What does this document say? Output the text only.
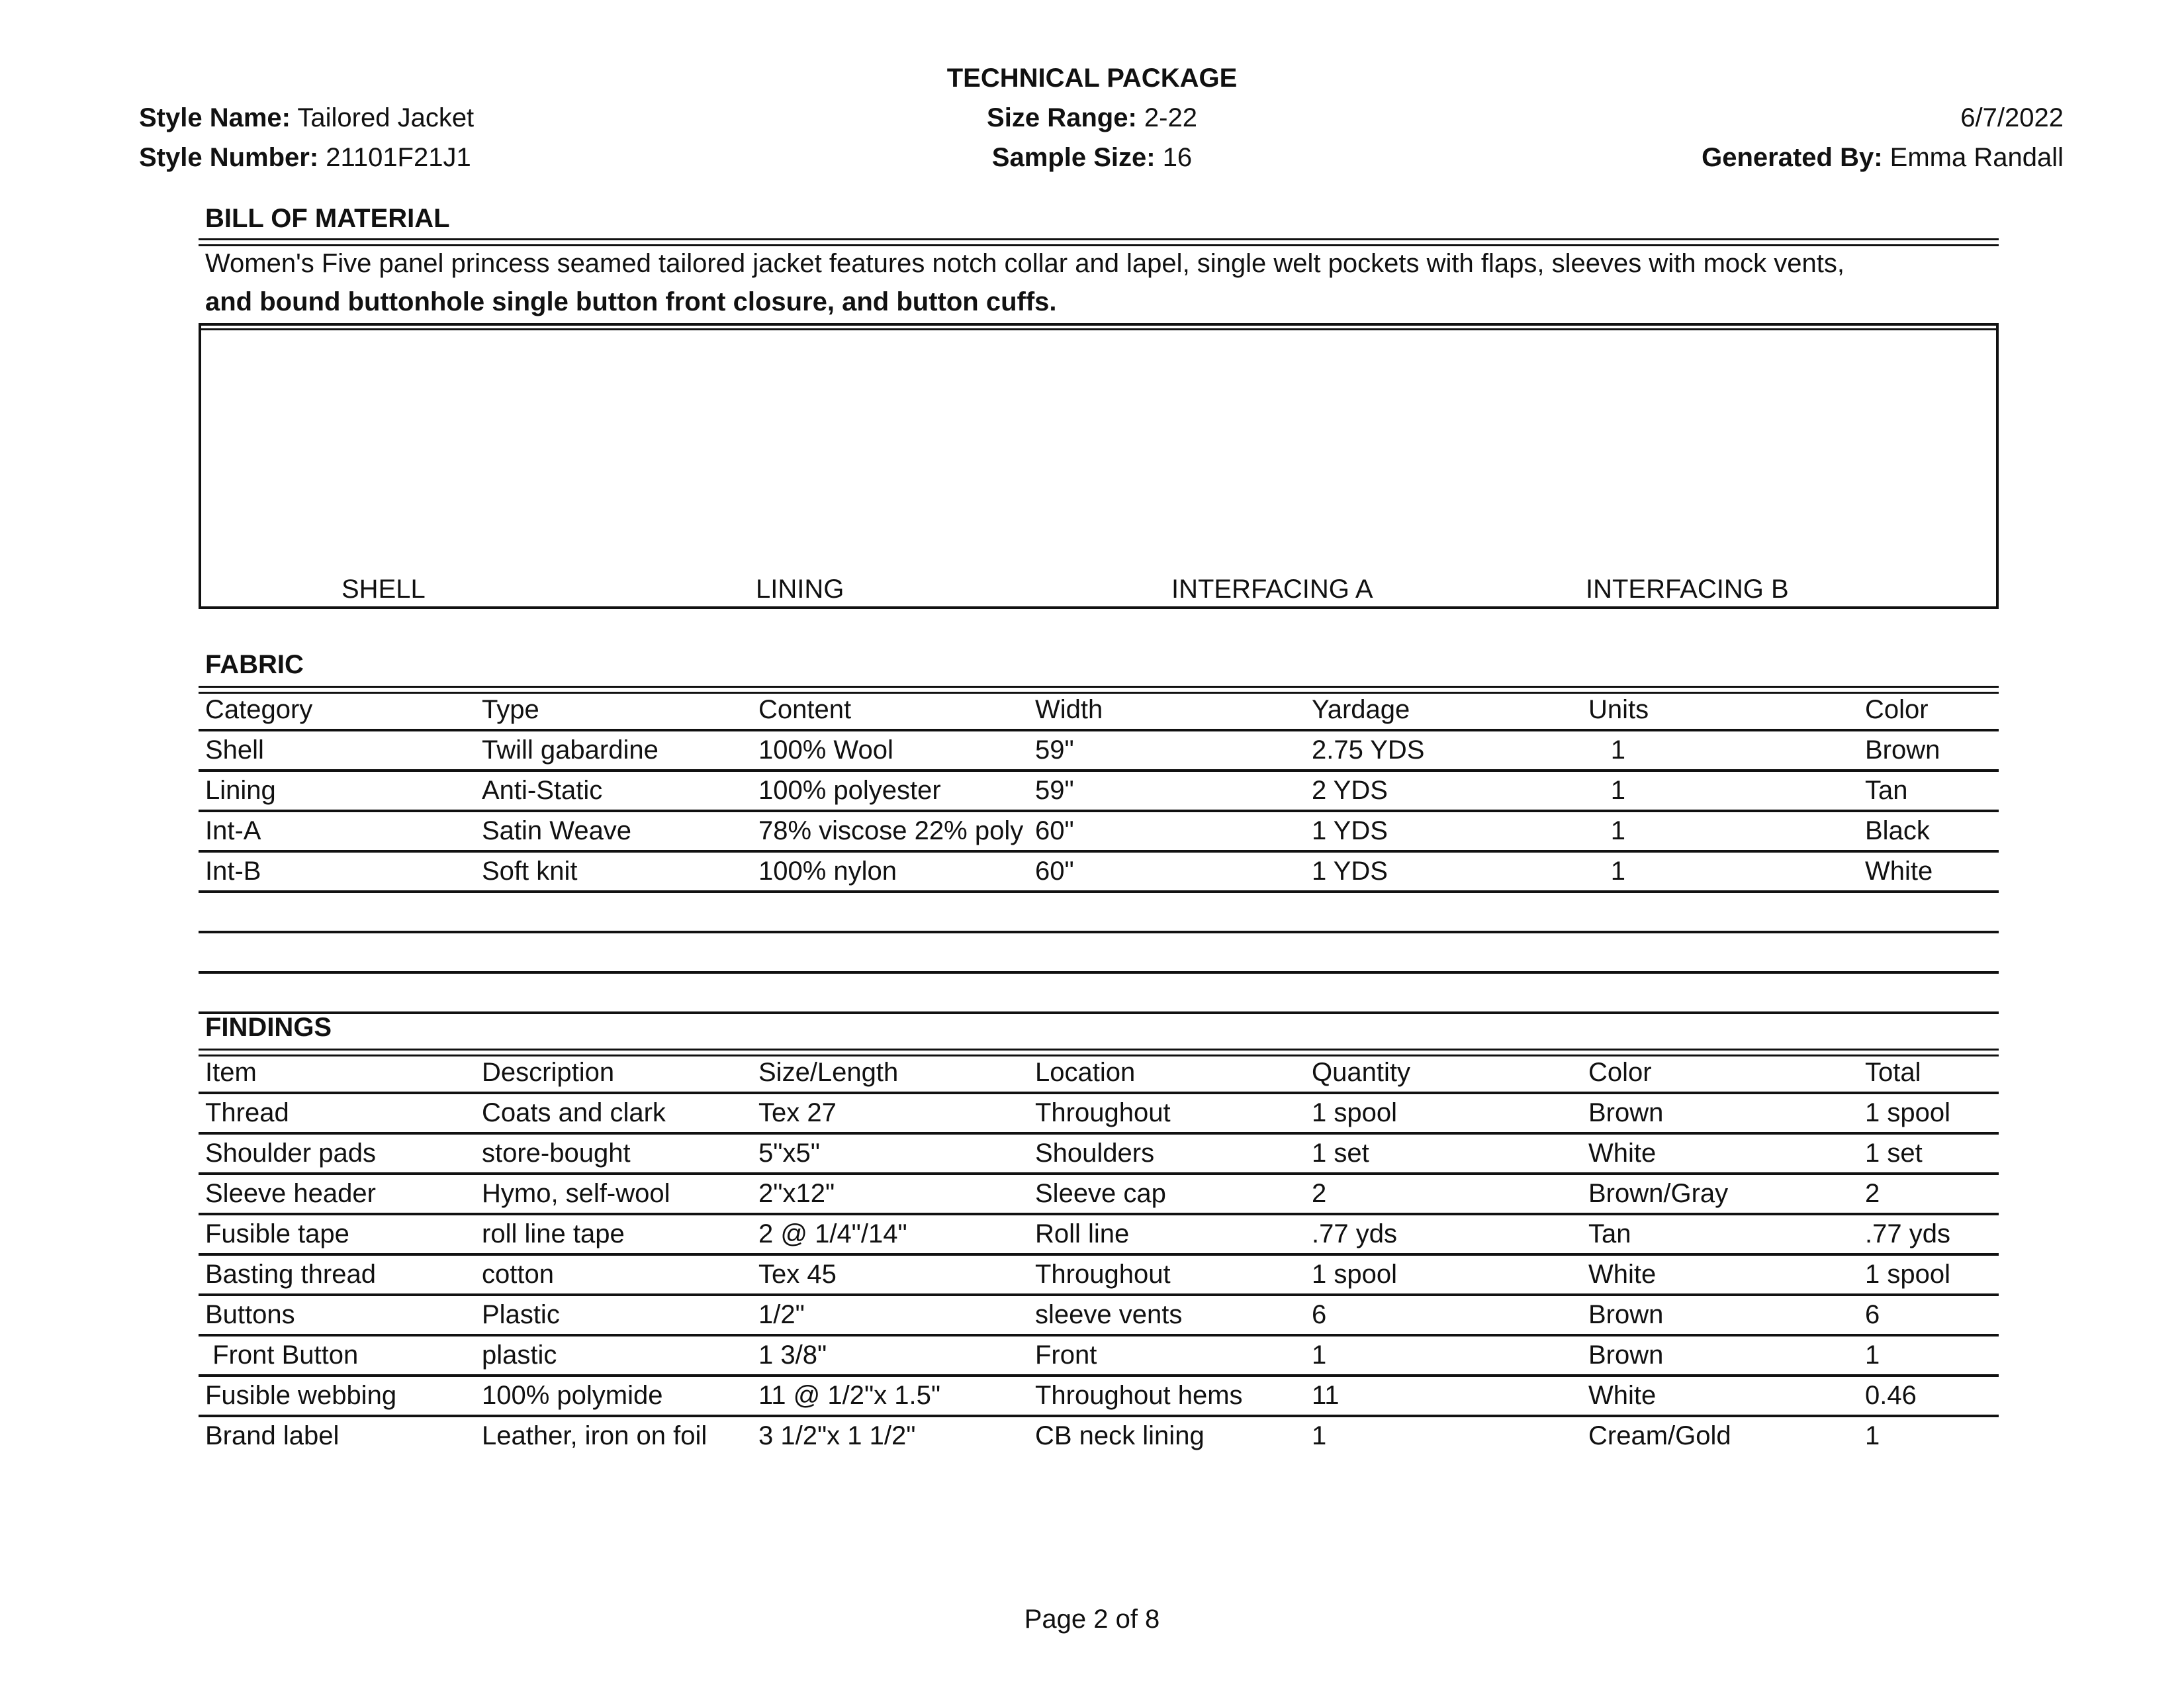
TECHNICAL PACKAGE
Style Name: Tailored Jacket
Style Number: 21101F21J1
Size Range: 2-22
Sample Size: 16
6/7/2022
Generated By: Emma Randall
BILL OF MATERIAL
Women's Five panel princess seamed tailored jacket features notch collar and lapel, single welt pockets with flaps, sleeves with mock vents,
and bound buttonhole single button front closure, and button cuffs.
SHELL	LINING	INTERFACING A	INTERFACING B
FABRIC
Category	Type	Content	Width	Yardage	Units	Color
Shell	Twill gabardine	100% Wool	59"	2.75 YDS	1	Brown
Lining	Anti-Static	100% polyester	59"	2 YDS	1	Tan
Int-A	Satin Weave	78% viscose 22% poly	60"	1 YDS	1	Black
Int-B	Soft knit	100% nylon	60"	1 YDS	1	White

FINDINGS
Item	Description	Size/Length	Location	Quantity	Color	Total
Thread	Coats and clark	Tex 27	Throughout	1 spool	Brown	1 spool
Shoulder pads	store-bought	5"x5"	Shoulders	1 set	White	1 set
Sleeve header	Hymo, self-wool	2"x12"	Sleeve cap	2	Brown/Gray	2
Fusible tape	roll line tape	2 @ 1/4"/14"	Roll line	.77 yds	Tan	.77 yds
Basting thread	cotton	Tex 45	Throughout	1 spool	White	1 spool
Buttons	Plastic	1/2"	sleeve vents	6	Brown	6
Front Button	plastic	1 3/8"	Front	1	Brown	1
Fusible webbing	100% polymide	11 @ 1/2"x 1.5"	Throughout hems	11	White	0.46
Brand label	Leather, iron on foil	3 1/2"x 1 1/2"	CB neck lining	1	Cream/Gold	1
Page 2 of 8
